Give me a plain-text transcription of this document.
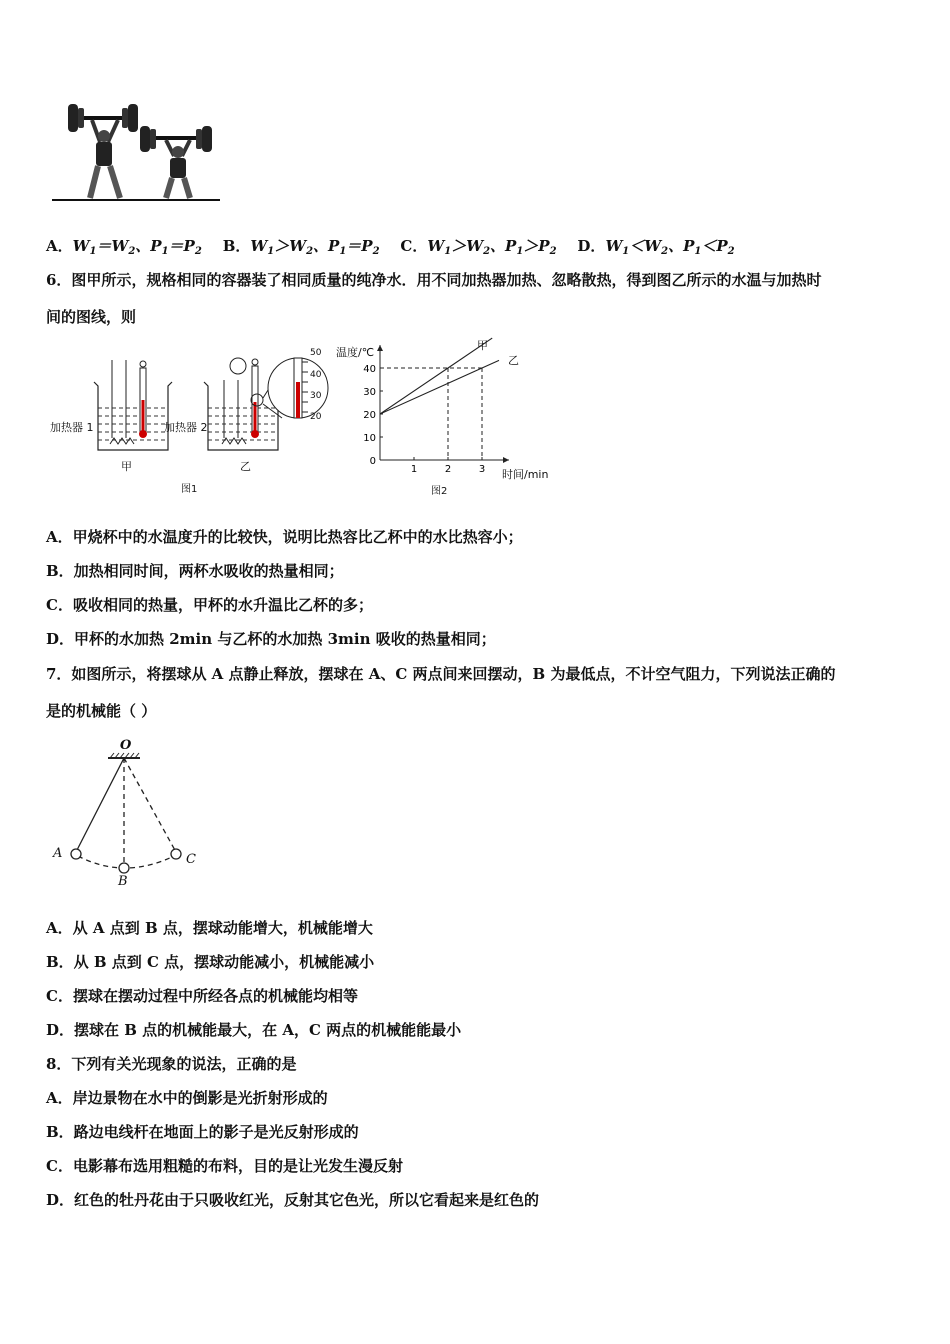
A．$W_1=W_2$、$P_1=P_2$ B．$W_1>W_2$、$P_1=P_2$ C．$W_1>W_2$、$P_1>P_2$ D．$W_1<W_2$、$P_1<P_2$
6．图甲所示，规格相同的容器装了相同质量的纯净水．用不同加热器加热、忽略散热，得到图乙所示的水温与加热时
间的图线，则
50
40
30
20
加热器 1	加热器 2
甲	乙
图1
0
10
20
30
40
1	2	3
温度/℃
时间/min
甲
乙
图2
A．甲烧杯中的水温度升的比较快，说明比热容比乙杯中的水比热容小；
B．加热相同时间，两杯水吸收的热量相同；
C．吸收相同的热量，甲杯的水升温比乙杯的多；
D．甲杯的水加热 2min 与乙杯的水加热 3min 吸收的热量相同；
7．如图所示，将摆球从 A 点静止释放，摆球在 A、C 两点间来回摆动，B 为最低点，不计空气阻力，下列说法正确的
是的机械能（ ）
O
A
B
C
A．从 A 点到 B 点，摆球动能增大，机械能增大
B．从 B 点到 C 点，摆球动能减小，机械能减小
C．摆球在摆动过程中所经各点的机械能均相等
D．摆球在 B 点的机械能最大，在 A，C 两点的机械能能最小
8．下列有关光现象的说法，正确的是
A．岸边景物在水中的倒影是光折射形成的
B．路边电线杆在地面上的影子是光反射形成的
C．电影幕布选用粗糙的布料，目的是让光发生漫反射
D．红色的牡丹花由于只吸收红光，反射其它色光，所以它看起来是红色的
